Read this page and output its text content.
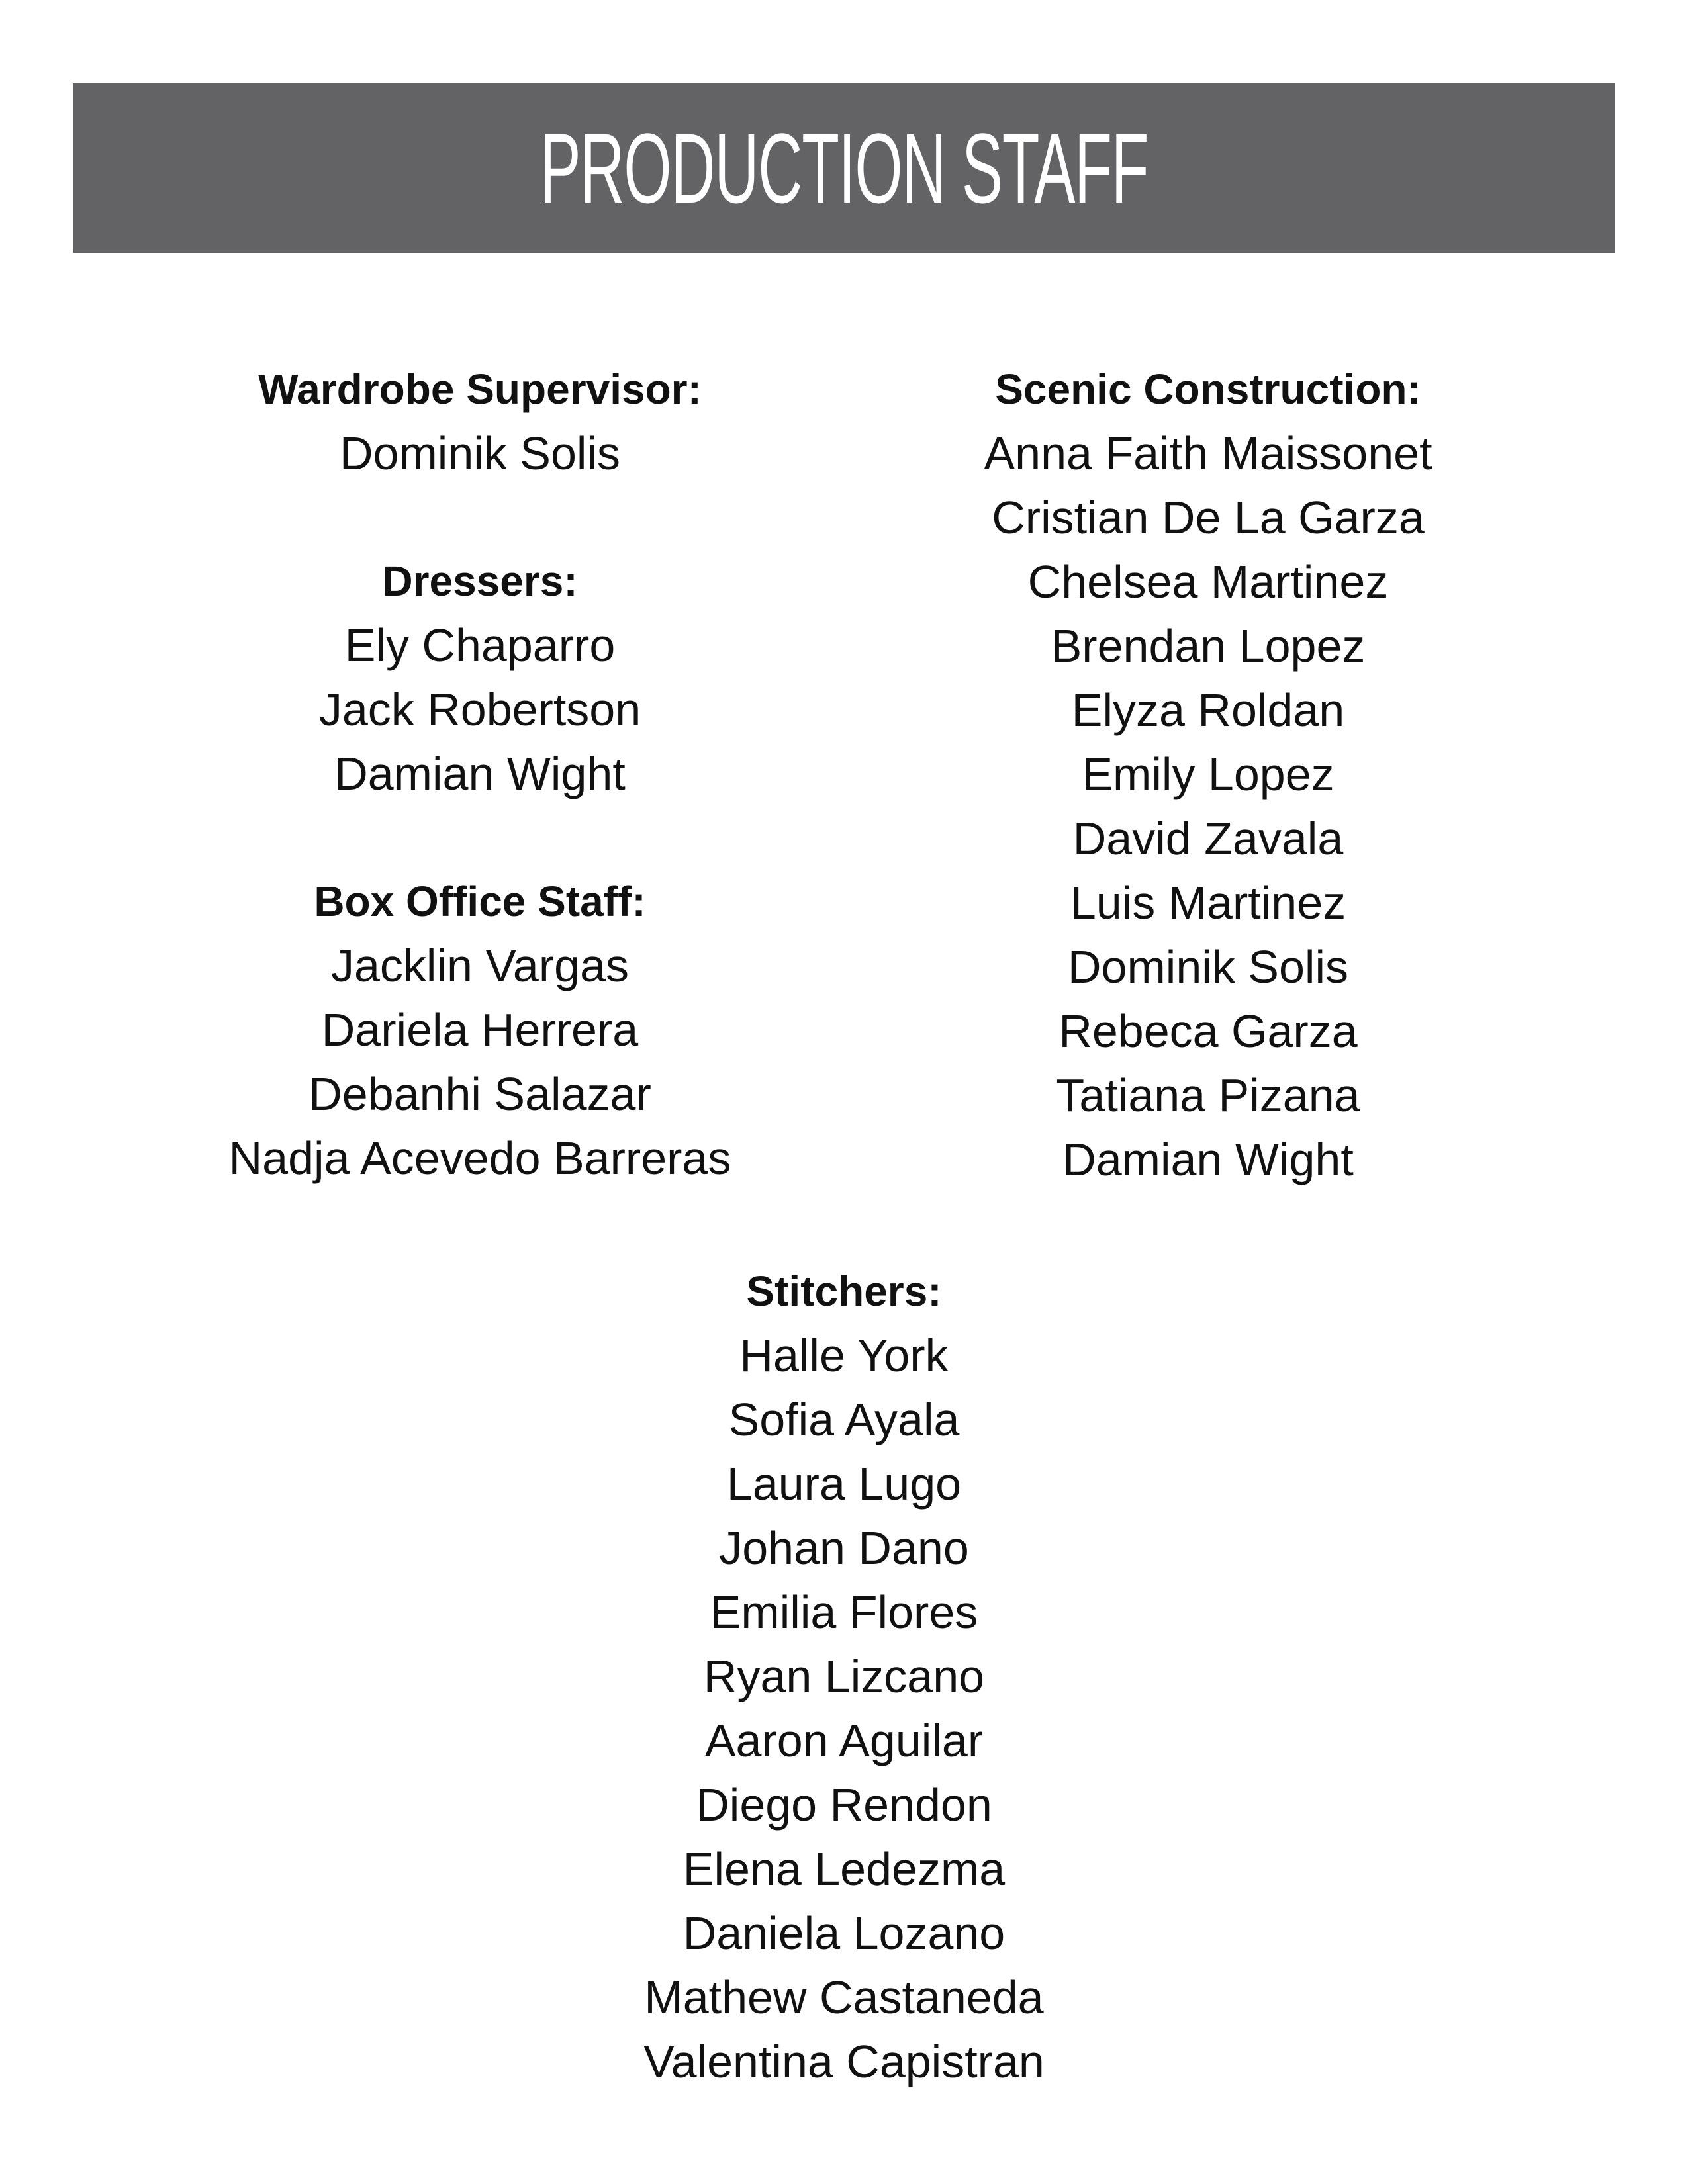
PRODUCTION STAFF
Wardrobe Supervisor:
Dominik Solis
Dressers:
Ely Chaparro
Jack Robertson
Damian Wight
Box Office Staff:
Jacklin Vargas
Dariela Herrera
Debanhi Salazar
Nadja Acevedo Barreras
Scenic Construction:
Anna Faith Maissonet
Cristian De La Garza
Chelsea Martinez
Brendan Lopez
Elyza Roldan
Emily Lopez
David Zavala
Luis Martinez
Dominik Solis
Rebeca Garza
Tatiana Pizana
Damian Wight
Stitchers:
Halle York
Sofia Ayala
Laura Lugo
Johan Dano
Emilia Flores
Ryan Lizcano
Aaron Aguilar
Diego Rendon
Elena Ledezma
Daniela Lozano
Mathew Castaneda
Valentina Capistran
